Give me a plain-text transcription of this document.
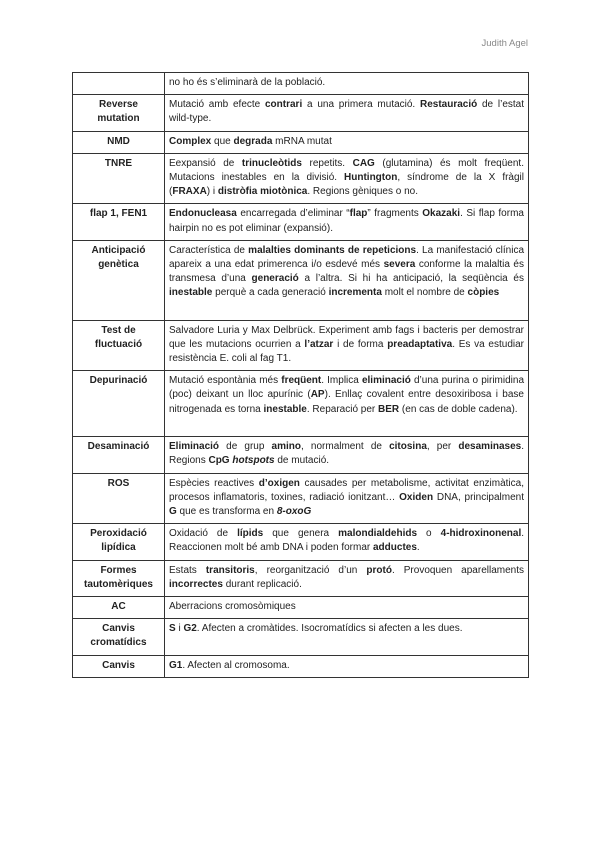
Judith Agel
	no ho és s’eliminarà de la població.
Reverse mutation	Mutació amb efecte contrari a una primera mutació. Restauració de l’estat wild-type.
NMD	Complex que degrada mRNA mutat
TNRE	Eexpansió de trinucleòtids repetits. CAG (glutamina) és molt freqüent. Mutacions inestables en la divisió. Huntington, síndrome de la X fràgil (FRAXA) i distròfia miotònica. Regions gèniques o no.
flap 1, FEN1	Endonucleasa encarregada d’eliminar “flap” fragments Okazaki. Si flap forma hairpin no es pot eliminar (expansió).
Anticipació genètica	Característica de malalties dominants de repeticions. La manifestació clínica apareix a una edat primerenca i/o esdevé més severa conforme la malaltia és transmesa d’una generació a l’altra. Si hi ha anticipació, la seqüència és inestable perquè a cada generació incrementa molt el nombre de còpies
Test de fluctuació	Salvadore Luria y Max Delbrück. Experiment amb fags i bacteris per demostrar que les mutacions ocurrien a l’atzar i de forma preadaptativa. Es va estudiar resistència E. coli al fag T1.
Depurinació	Mutació espontània més freqüent. Implica eliminació d’una purina o pirimidina (poc) deixant un lloc apurínic (AP). Enllaç covalent entre desoxiribosa i base nitrogenada es torna inestable. Reparació per BER (en cas de doble cadena).
Desaminació	Eliminació de grup amino, normalment de citosina, per desaminases. Regions CpG hotspots de mutació.
ROS	Espècies reactives d’oxigen causades per metabolisme, activitat enzimàtica, procesos inflamatoris, toxines, radiació ionitzant… Oxiden DNA, principalment G que es transforma en 8-oxoG
Peroxidació lipídica	Oxidació de lípids que genera malondialdehids o 4-hidroxinonenal. Reaccionen molt bé amb DNA i poden formar adductes.
Formes tautomèriques	Estats transitoris, reorganització d’un protó. Provoquen aparellaments incorrectes durant replicació.
AC	Aberracions cromosòmiques
Canvis cromatídics	S i G2. Afecten a cromàtides. Isocromatídics si afecten a les dues.
Canvis	G1. Afecten al cromosoma.
